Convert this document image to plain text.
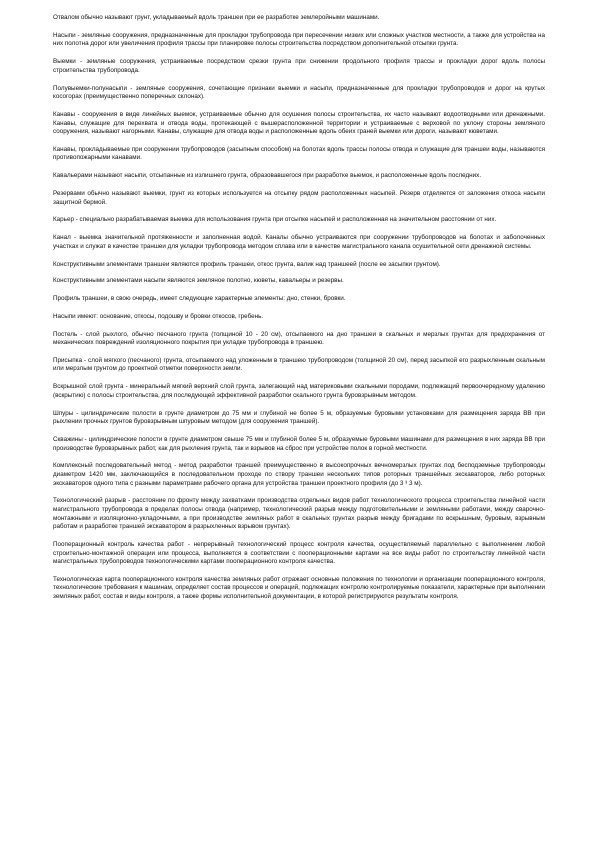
Отвалом обычно называют грунт, укладываемый вдоль траншеи при ее разработке землеройными машинами.

Насыпи - земляные сооружения, предназначенные для прокладки трубопровода при пересечении низких или сложных участков местности, а также для устройства на них полотна дорог или увеличения профиля трассы при планировке полосы строительства посредством дополнительной отсыпки грунта.

Выемки - земляные сооружения, устраиваемые посредством срезки грунта при снижении продольного профиля трассы и прокладки дорог вдоль полосы строительства трубопровода.

Полувыемки-полунасыпи - земляные сооружения, сочетающие признаки выемки и насыпи, предназначенные для прокладки трубопроводов и дорог на крутых косогорах (преимущественно поперечных склонах).

Канавы - сооружения в виде линейных выемок, устраиваемые обычно для осушения полосы строительства, их часто называют водоотводными или дренажными. Канавы, служащие для перехвата и отвода воды, протекающей с вышерасположенной территории и устраиваемые с верховой по уклону стороны земляного сооружения, называют нагорными. Канавы, служащие для отвода воды и расположенные вдоль обеих граней выемки или дороги, называют кюветами.

Канавы, прокладываемые при сооружении трубопроводов (засыпным способом) на болотах вдоль трассы полосы отвода и служащие для траншеи воды, называются противопожарными канавами.

Кавальерами называют насыпи, отсыпанные из излишнего грунта, образовавшегося при разработке выемок, и расположенные вдоль последних.

Резервами обычно называют выемки, грунт из которых используется на отсыпку рядом расположенных насыпей. Резерв отделяется от заложения откоса насыпи защитной бермой.

Карьер - специально разрабатываемая выемка для использования грунта при отсыпке насыпей и расположенная на значительном расстоянии от них.

Канал - выемка значительной протяженности и заполненная водой. Каналы обычно устраиваются при сооружении трубопроводов на болотах и заболоченных участках и служат в качестве траншеи для укладки трубопровода методом сплава или в качестве магистрального канала осушительной сети дренажной системы.

Конструктивными элементами траншеи являются профиль траншеи, откос грунта, валик над траншеей (после ее засыпки грунтом).

Конструктивными элементами насыпи являются земляное полотно, кюветы, кавальеры и резервы.

Профиль траншеи, в свою очередь, имеет следующие характерные элементы: дно, стенки, бровки.

Насыпи имеют: основание, откосы, подошву и бровки откосов, гребень.

Постель - слой рыхлого, обычно песчаного грунта (толщиной 10 - 20 см), отсыпаемого на дно траншеи в скальных и мерзлых грунтах для предохранения от механических повреждений изоляционного покрытия при укладке трубопровода в траншею.

Присыпка - слой мягкого (песчаного) грунта, отсыпаемого над уложенным в траншею трубопроводом (толщиной 20 см), перед засыпкой его разрыхленным скальным или мерзлым грунтом до проектной отметки поверхности земли.

Вскрышной слой грунта - минеральный мягкий верхний слой грунта, залегающий над материковыми скальными породами, подлежащий первоочередному удалению (вскрытию) с полосы строительства, для последующей эффективной разработки скального грунта буровзрывным методом.

Шпуры - цилиндрические полости в грунте диаметром до 75 мм и глубиной не более 5 м, образуемые буровыми установками для размещения заряда ВВ при рыхлении прочных грунтов буровзрывным шпуровым методом (для сооружения траншей).

Скважины - цилиндрические полости в грунте диаметром свыше 75 мм и глубиной более 5 м, образуемые буровыми машинами для размещения в них заряда ВВ при производстве буровзрывных работ, как для рыхления грунта, так и взрывов на сброс при устройстве полок в горной местности.

Комплексный последовательный метод - метод разработки траншей преимущественно в высокопрочных вечномерзлых грунтах под бесподземные трубопроводы диаметром 1420 мм, заключающийся в последовательном проходе по створу траншеи нескольких типов роторных траншейных экскаваторов, либо роторных экскаваторов одного типа с разными параметрами рабочего органа для устройства траншеи проектного профиля (до 3 ³ 3 м).

Технологический разрыв - расстояние по фронту между захватками производства отдельных видов работ технологического процесса строительства линейной части магистрального трубопровода в пределах полосы отвода (например, технологический разрыв между подготовительными и земляными работами, между сварочно-монтажными и изоляционно-укладочными, а при производстве земляных работ в скальных грунтах разрыв между бригадами по вскрышным, буровым, взрывным работам и разработке траншей экскаватором в разрыхленных взрывом грунтах).

Пооперационный контроль качества работ - непрерывный технологический процесс контроля качества, осуществляемый параллельно с выполнением любой строительно-монтажной операции или процесса, выполняется в соответствии с пооперационными картами на все виды работ по строительству линейной части магистральных трубопроводов технологическими картами пооперационного контроля качества.

Технологическая карта пооперационного контроля качества земляных работ отражает основные положения по технологии и организации пооперационного контроля, технологические требования к машинам, определяет состав процессов и операций, подлежащих контролю контролируемые показатели, характерные при выполнении земляных работ, состав и виды контроля, а также формы исполнительной документации, в которой регистрируются результаты контроля.
